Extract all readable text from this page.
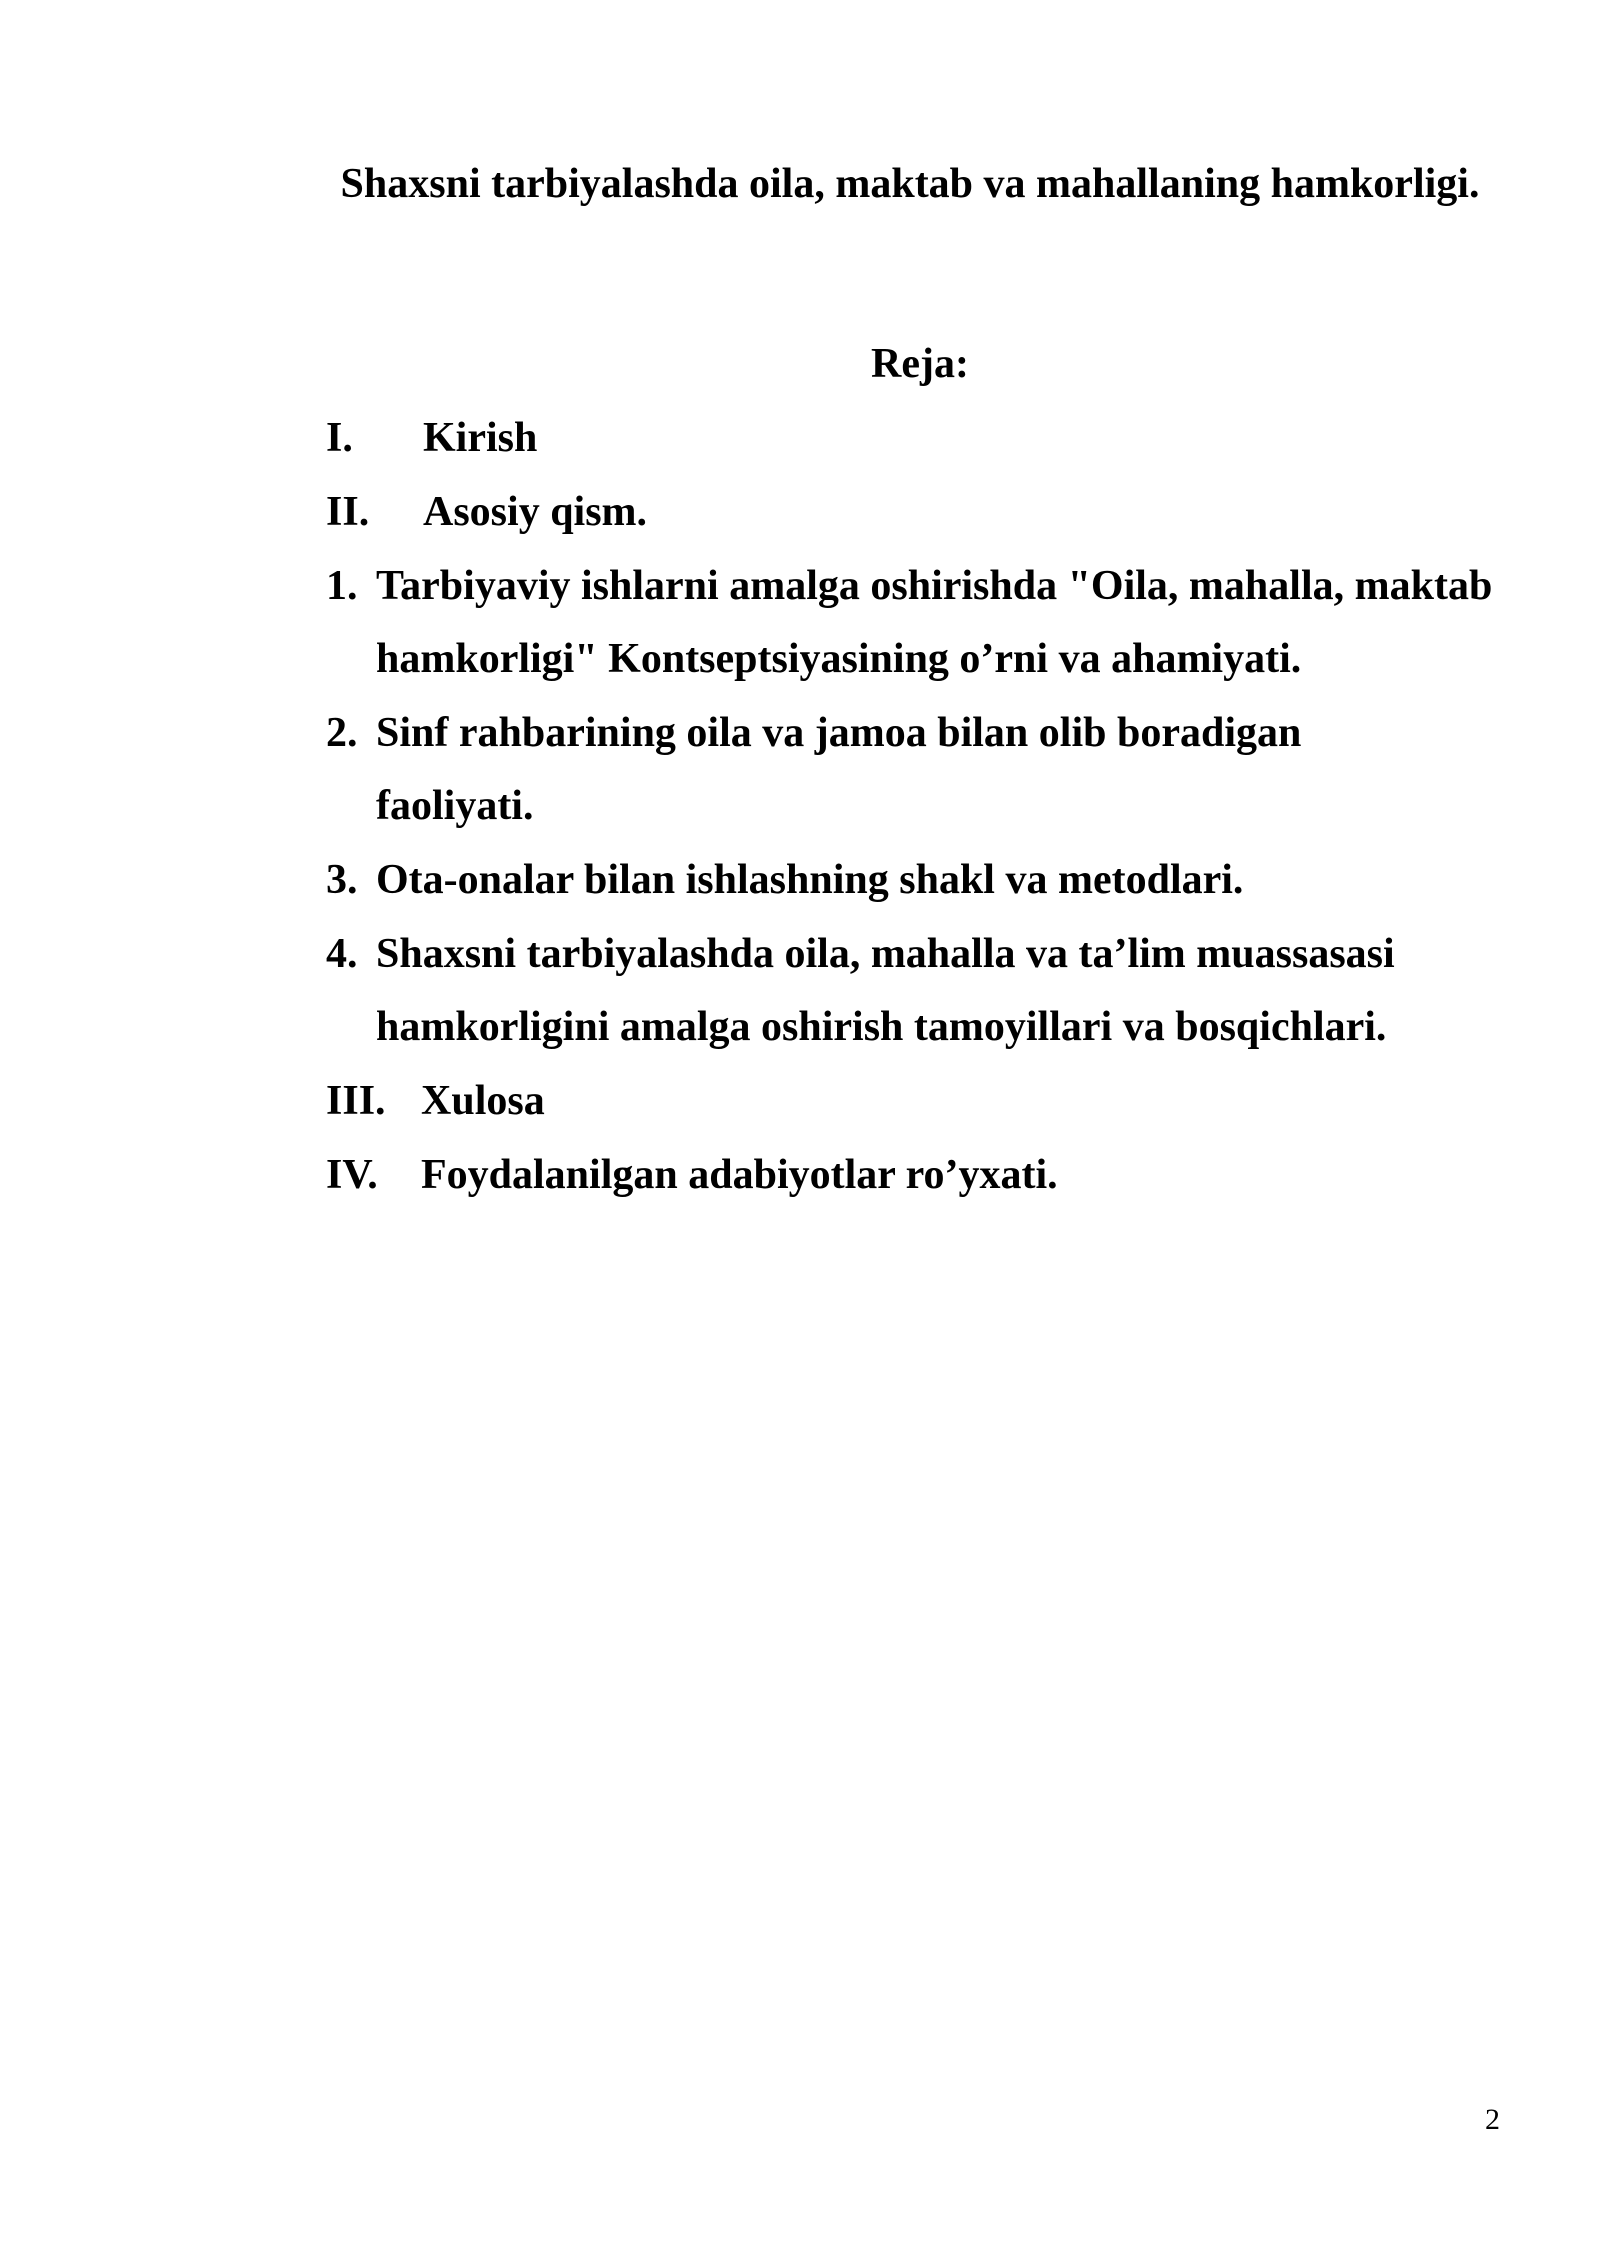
Shaxsni tarbiyalashda oila, maktab va mahallaning hamkorligi.
Reja:
I. Kirish
II. Asosiy qism.
1. Tarbiyaviy ishlarni amalga oshirishda "Oila, mahalla, maktab hamkorligi" Kontseptsiyasining o’rni va ahamiyati.
2. Sinf rahbarining oila va jamoa bilan olib boradigan faoliyati.
3. Ota-onalar bilan ishlashning shakl va metodlari.
4. Shaxsni tarbiyalashda oila, mahalla va ta’lim muassasasi hamkorligini amalga oshirish tamoyillari va bosqichlari.
III. Xulosa
IV. Foydalanilgan adabiyotlar ro’yxati.
2
